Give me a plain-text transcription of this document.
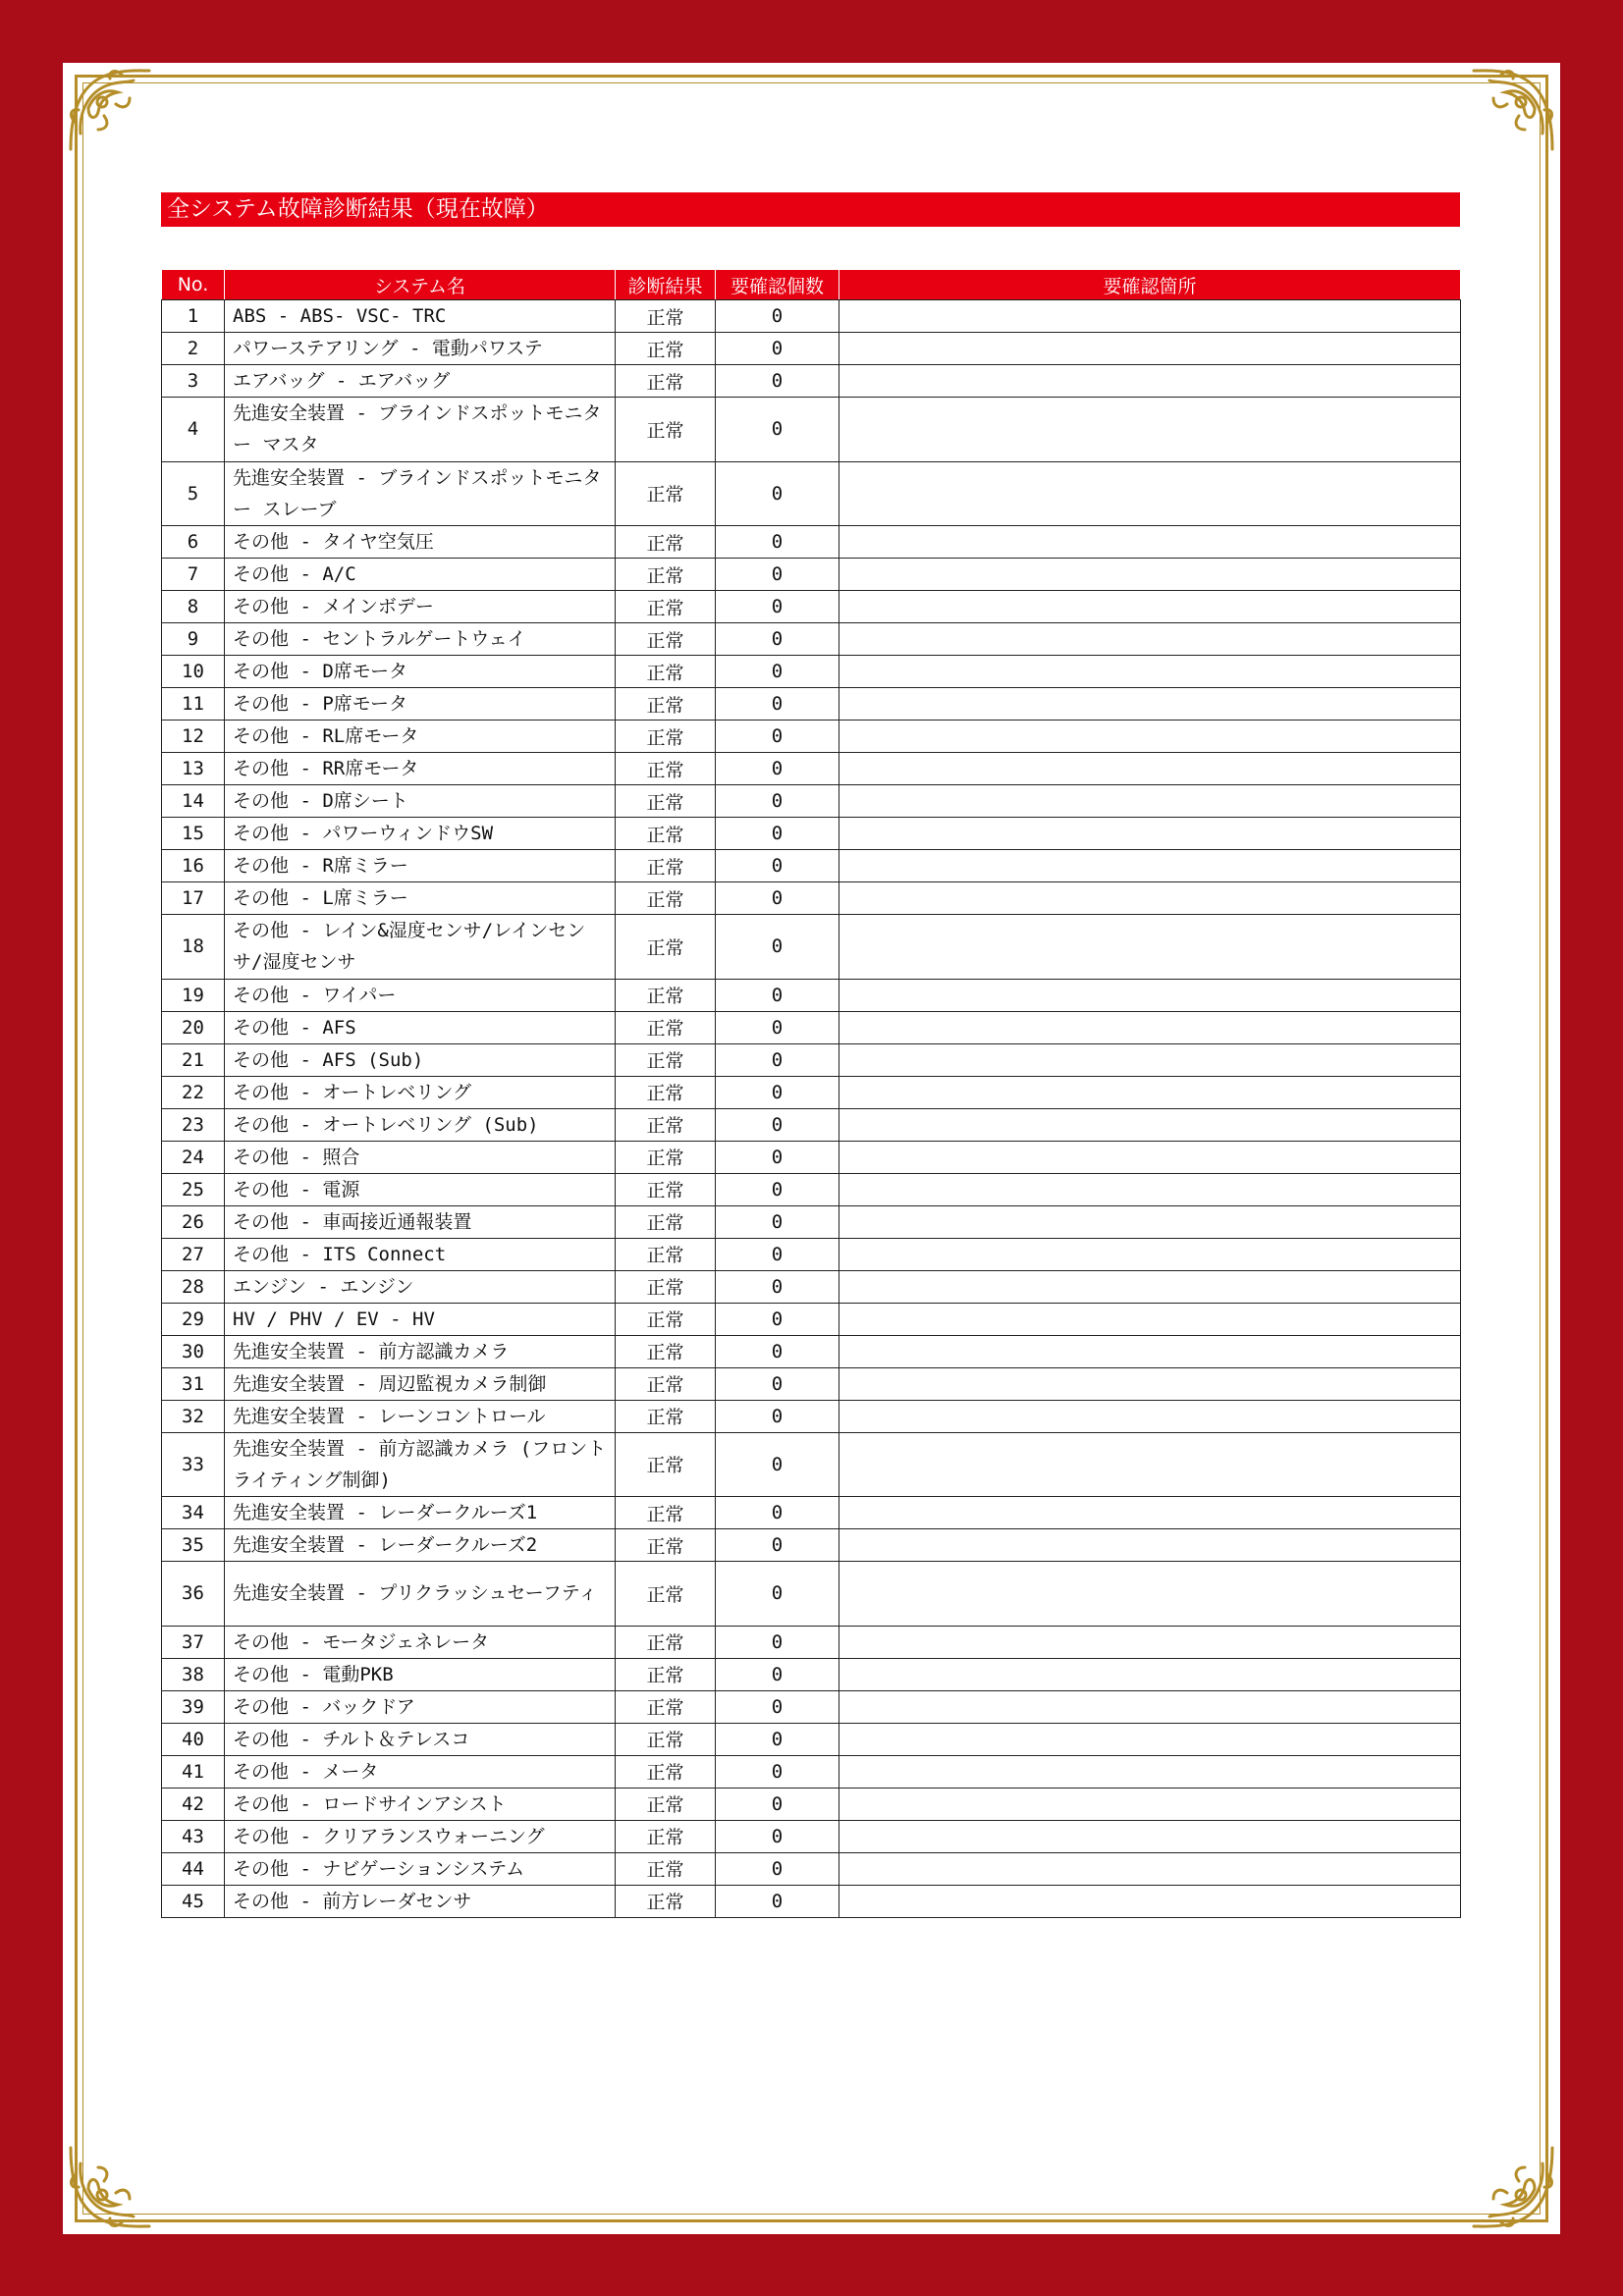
全システム故障診断結果（現在故障）
No.	システム名	診断結果	要確認個数	要確認箇所
1	ABS - ABS- VSC- TRC	正常	0	
2	パワーステアリング - 電動パワステ	正常	0	
3	エアバッグ - エアバッグ	正常	0	
4	先進安全装置 - ブラインドスポットモニター マスタ	正常	0	
5	先進安全装置 - ブラインドスポットモニター スレーブ	正常	0	
6	その他 - タイヤ空気圧	正常	0	
7	その他 - A/C	正常	0	
8	その他 - メインボデー	正常	0	
9	その他 - セントラルゲートウェイ	正常	0	
10	その他 - D席モータ	正常	0	
11	その他 - P席モータ	正常	0	
12	その他 - RL席モータ	正常	0	
13	その他 - RR席モータ	正常	0	
14	その他 - D席シート	正常	0	
15	その他 - パワーウィンドウSW	正常	0	
16	その他 - R席ミラー	正常	0	
17	その他 - L席ミラー	正常	0	
18	その他 - レイン&湿度センサ/レインセンサ/湿度センサ	正常	0	
19	その他 - ワイパー	正常	0	
20	その他 - AFS	正常	0	
21	その他 - AFS (Sub)	正常	0	
22	その他 - オートレベリング	正常	0	
23	その他 - オートレベリング (Sub)	正常	0	
24	その他 - 照合	正常	0	
25	その他 - 電源	正常	0	
26	その他 - 車両接近通報装置	正常	0	
27	その他 - ITS Connect	正常	0	
28	エンジン - エンジン	正常	0	
29	HV / PHV / EV - HV	正常	0	
30	先進安全装置 - 前方認識カメラ	正常	0	
31	先進安全装置 - 周辺監視カメラ制御	正常	0	
32	先進安全装置 - レーンコントロール	正常	0	
33	先進安全装置 - 前方認識カメラ (フロントライティング制御)	正常	0	
34	先進安全装置 - レーダークルーズ1	正常	0	
35	先進安全装置 - レーダークルーズ2	正常	0	
36	先進安全装置 - プリクラッシュセーフティ	正常	0	
37	その他 - モータジェネレータ	正常	0	
38	その他 - 電動PKB	正常	0	
39	その他 - バックドア	正常	0	
40	その他 - チルト＆テレスコ	正常	0	
41	その他 - メータ	正常	0	
42	その他 - ロードサインアシスト	正常	0	
43	その他 - クリアランスウォーニング	正常	0	
44	その他 - ナビゲーションシステム	正常	0	
45	その他 - 前方レーダセンサ	正常	0	
